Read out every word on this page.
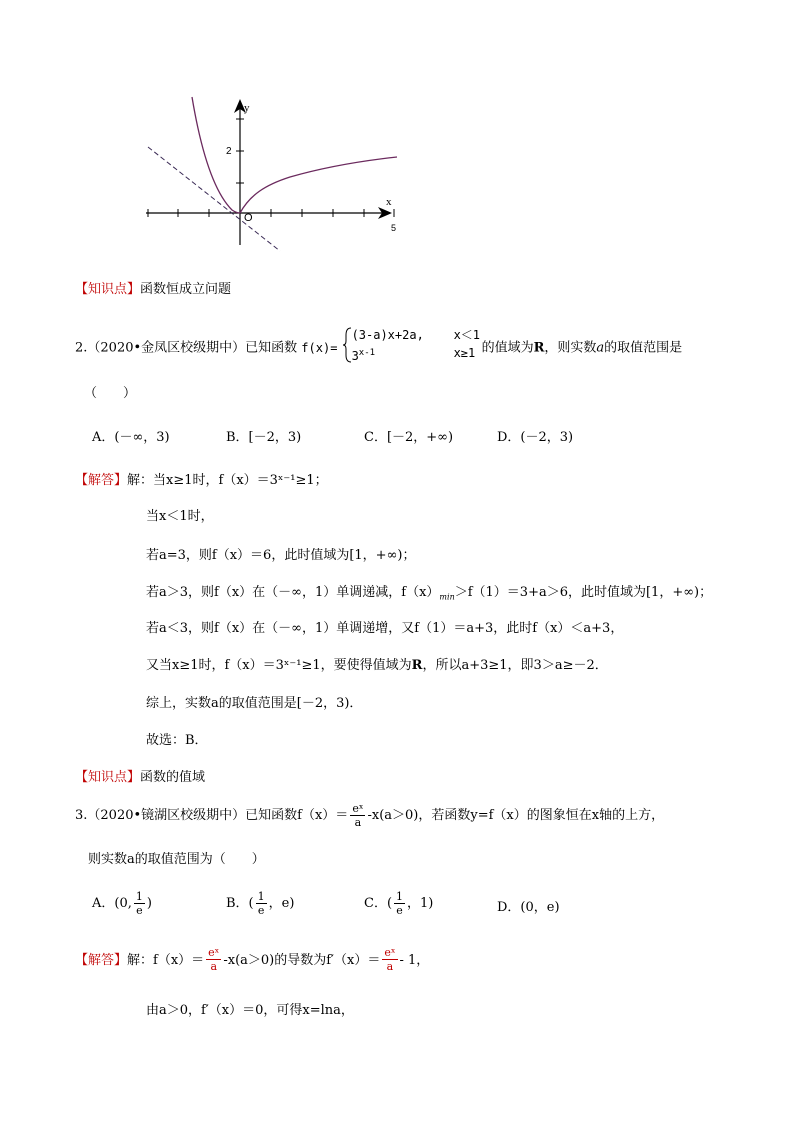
y
x
2
5
O
【知识点】函数恒成立问题
2.（2020•金凤区校级期中）已知函数 f(x)=
(3-a)x+2a, x＜1
3$^{x-1}$	x≥1 的值域为R，则实数a的取值范围是
（　　）
A．(－∞，3)	B．[－2，3)	C．[－2，+∞)	D．(－2，3)
【解答】解：当x≥1时，f（x）＝3ˣ⁻¹≥1；
当x＜1时，
若a=3，则f（x）＝6，此时值域为[1，+∞)；
若a＞3，则f（x）在（－∞，1）单调递减，$f(x)_{min}>f(1)=3+a>6$，此时值域为[1，+∞)；
若a＜3，则f（x）在（－∞，1）单调递增，又f（1）＝a+3，此时f（x）＜a+3，
又当x≥1时，f（x）＝3ˣ⁻¹≥1，要使得值域为R，所以a+3≥1，即3＞a≥－2．
综上，实数a的取值范围是[－2，3)．
故选：B．
【知识点】函数的值域
3.（2020•镜湖区校级期中）已知函数$f(x)= \frac{\text{eˣ}}{a} -x(a>0)$，若函数y=f（x）的图象恒在x轴的上方，
则实数a的取值范围为（　　）
A．(0, $\frac{1}{e}$ )	B．( $\frac{1}{e}$ ，e)	C．( $\frac{1}{e}$ ，1)	D．(0，e)
【解答】解：$f(x)= \frac{\text{eˣ}}{a} -x(a>0)$的导数为$f'(x)= \frac{\text{eˣ}}{a} - 1$，
由a＞0，f′（x）＝0，可得x=lna，
